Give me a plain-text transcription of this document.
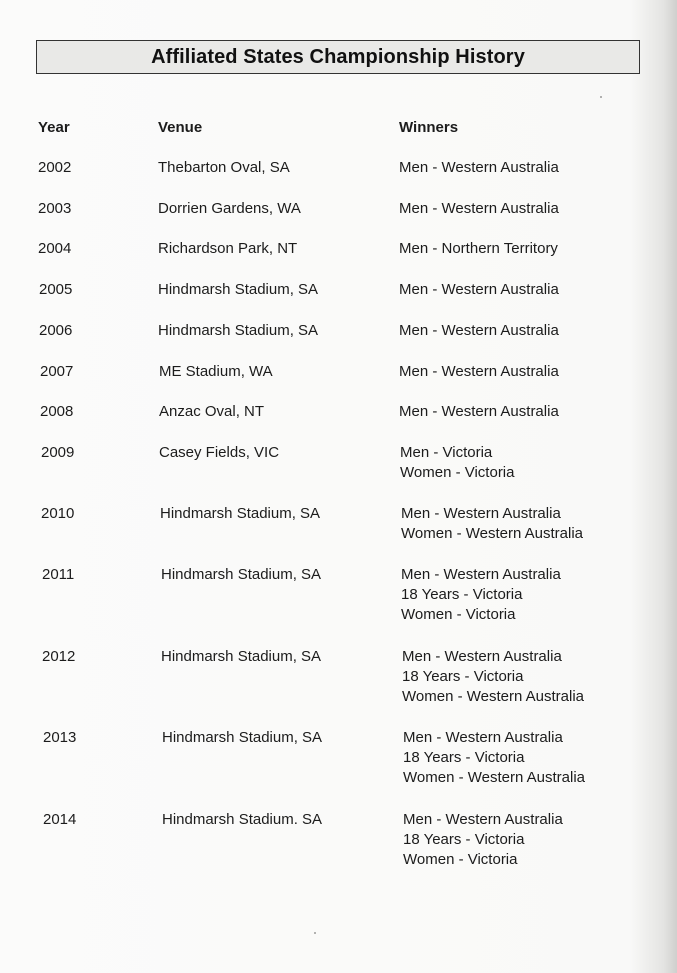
Affiliated States Championship History
Year	Venue	Winners
2002	Thebarton Oval, SA	Men - Western Australia
2003	Dorrien Gardens, WA	Men - Western Australia
2004	Richardson Park, NT	Men - Northern Territory
2005	Hindmarsh Stadium, SA	Men - Western Australia
2006	Hindmarsh Stadium, SA	Men - Western Australia
2007	ME Stadium, WA	Men - Western Australia
2008	Anzac Oval, NT	Men - Western Australia
2009	Casey Fields, VIC	Men - Victoria
Women - Victoria
2010	Hindmarsh Stadium, SA	Men - Western Australia
Women - Western Australia
2011	Hindmarsh Stadium, SA	Men - Western Australia
18 Years - Victoria
Women - Victoria
2012	Hindmarsh Stadium, SA	Men - Western Australia
18 Years - Victoria
Women - Western Australia
2013	Hindmarsh Stadium, SA	Men - Western Australia
18 Years - Victoria
Women - Western Australia
2014	Hindmarsh Stadium. SA	Men - Western Australia
18 Years - Victoria
Women - Victoria
